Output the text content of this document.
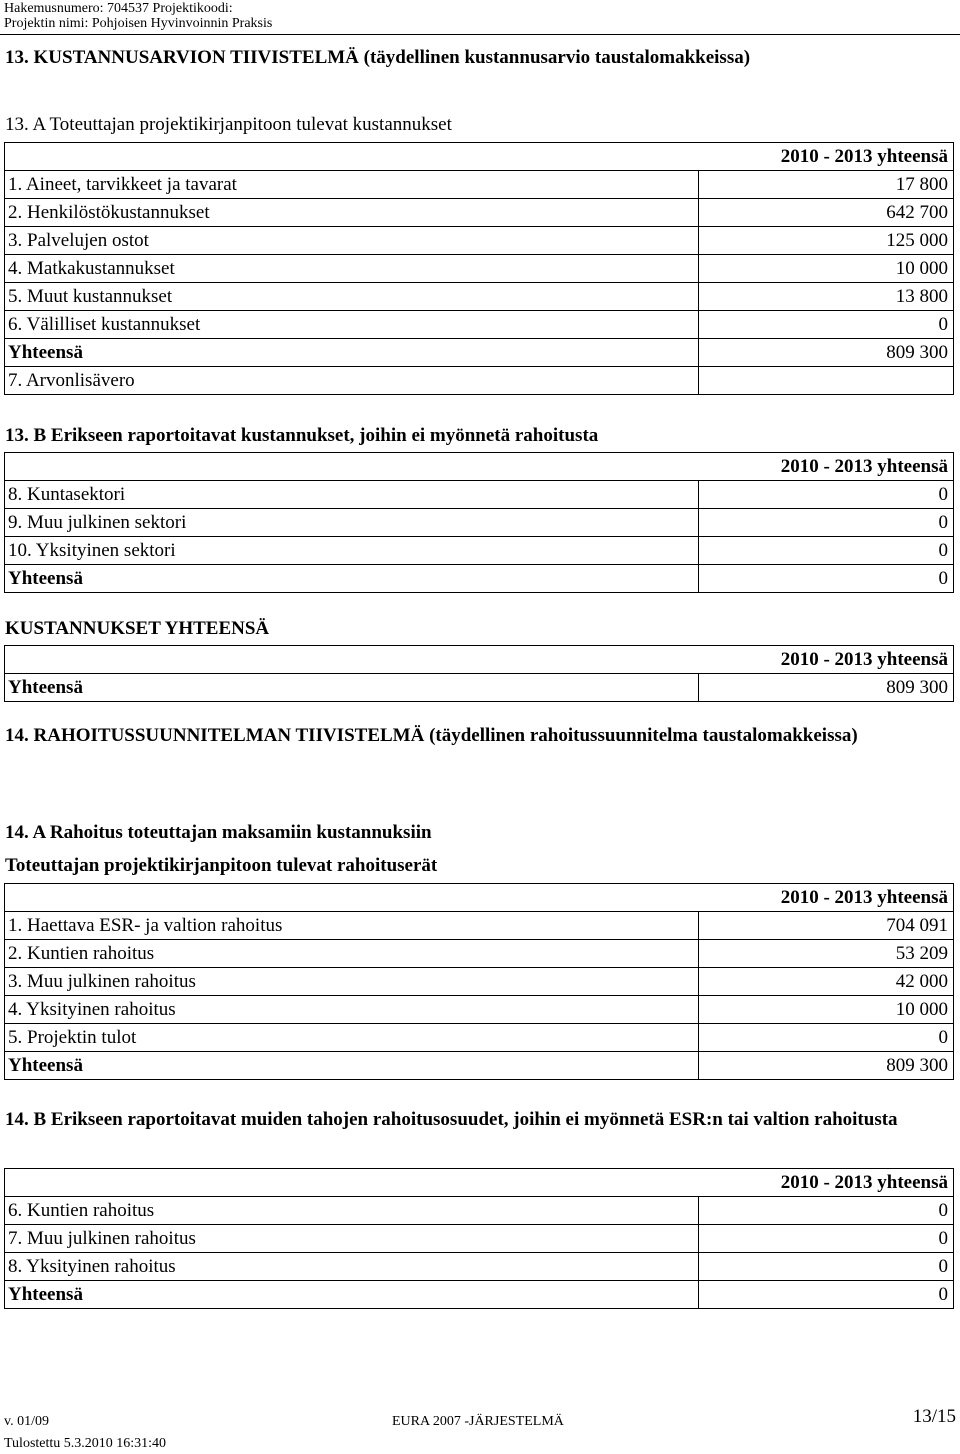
Hakemusnumero: 704537 Projektikoodi:
Projektin nimi: Pohjoisen Hyvinvoinnin Praksis
13. KUSTANNUSARVION TIIVISTELMÄ (täydellinen kustannusarvio taustalomakkeissa)
13. A Toteuttajan projektikirjanpitoon tulevat kustannukset
2010 - 2013 yhteensä	
1. Aineet, tarvikkeet ja tavarat	17 800
2. Henkilöstökustannukset	642 700
3. Palvelujen ostot	125 000
4. Matkakustannukset	10 000
5. Muut kustannukset	13 800
6. Välilliset kustannukset	0
Yhteensä	809 300
7. Arvonlisävero	
13. B Erikseen raportoitavat kustannukset, joihin ei myönnetä rahoitusta
2010 - 2013 yhteensä	
8. Kuntasektori	0
9. Muu julkinen sektori	0
10. Yksityinen sektori	0
Yhteensä	0
KUSTANNUKSET YHTEENSÄ
2010 - 2013 yhteensä
Yhteensä	809 300
14. RAHOITUSSUUNNITELMAN TIIVISTELMÄ (täydellinen rahoitussuunnitelma taustalomakkeissa)
14. A Rahoitus toteuttajan maksamiin kustannuksiin
Toteuttajan projektikirjanpitoon tulevat rahoituserät
2010 - 2013 yhteensä	
1. Haettava ESR- ja valtion rahoitus	704 091
2. Kuntien rahoitus	53 209
3. Muu julkinen rahoitus	42 000
4. Yksityinen rahoitus	10 000
5. Projektin tulot	0
Yhteensä	809 300
14. B Erikseen raportoitavat muiden tahojen rahoitusosuudet, joihin ei myönnetä ESR:n tai valtion rahoitusta
2010 - 2013 yhteensä	
6. Kuntien rahoitus	0
7. Muu julkinen rahoitus	0
8. Yksityinen rahoitus	0
Yhteensä	0
v. 01/09	EURA 2007 -JÄRJESTELMÄ	13/15
Tulostettu 5.3.2010 16:31:40
